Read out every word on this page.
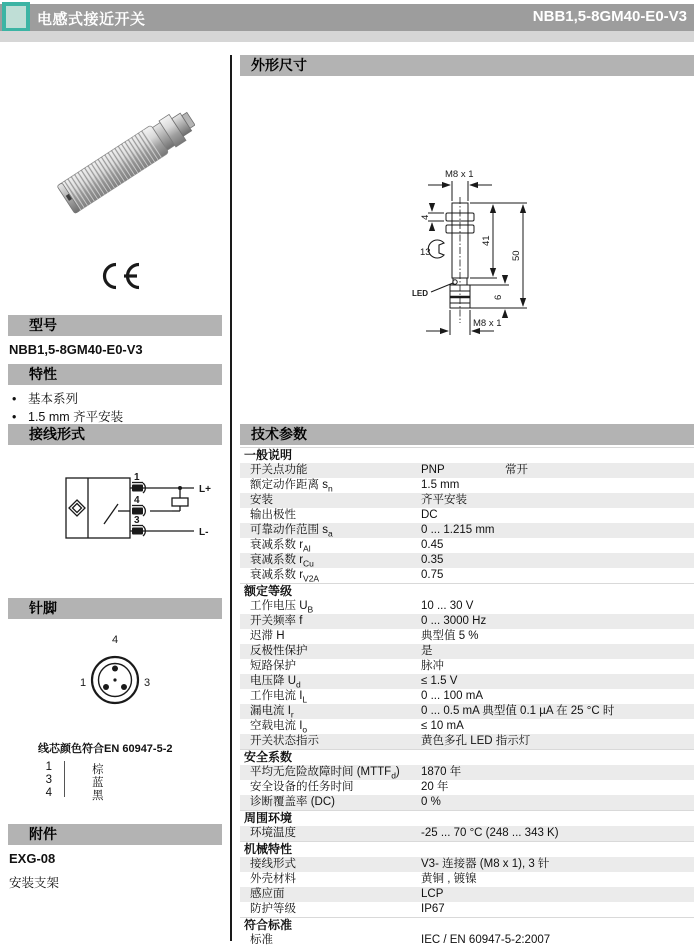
电感式接近开关	NBB1,5-8GM40-E0-V3
型号
NBB1,5-8GM40-E0-V3
特性
• 基本系列
• 1.5 mm 齐平安装
接线形式
1
4
3
L+
L-
针脚
4
1	3
线芯颜色符合EN 60947-5-2
1	棕
3	蓝
4	黑
附件
EXG-08
安装支架
外形尺寸
M8 x 1
4
13
41
50
6
M8 x 1
LED
技术参数
一般说明
开关点功能	PNP	常开
额定动作距离 $s_n$	1.5 mm
安装	齐平安装
输出极性	DC
可靠动作范围 $s_a$	0 ... 1.215 mm
衰减系数 $r_{Al}$	0.45
衰减系数 $r_{Cu}$	0.35
衰减系数 $r_{V2A}$	0.75
额定等级
工作电压 $U_B$	10 ... 30 V
开关频率 f	0 ... 3000 Hz
迟滞 H	典型值 5 %
反极性保护	是
短路保护	脉冲
电压降 $U_d$	≤ 1.5 V
工作电流 $I_L$	0 ... 100 mA
漏电流 $I_r$	0 ... 0.5 mA 典型值 0.1 µA 在 25 °C 时
空载电流 $I_o$	≤ 10 mA
开关状态指示	黄色多孔 LED 指示灯
安全系数
平均无危险故障时间 $(MTTF_d)$ 1870 年
安全设备的任务时间	20 年
诊断覆盖率 (DC)	0 %
周围环境
环境温度	-25 ... 70 °C (248 ... 343 K)
机械特性
接线形式	V3- 连接器 (M8 x 1), 3 针
外壳材料	黄铜 , 镀镍
感应面	LCP
防护等级	IP67
符合标准
标准	IEC / EN 60947-5-2:2007
